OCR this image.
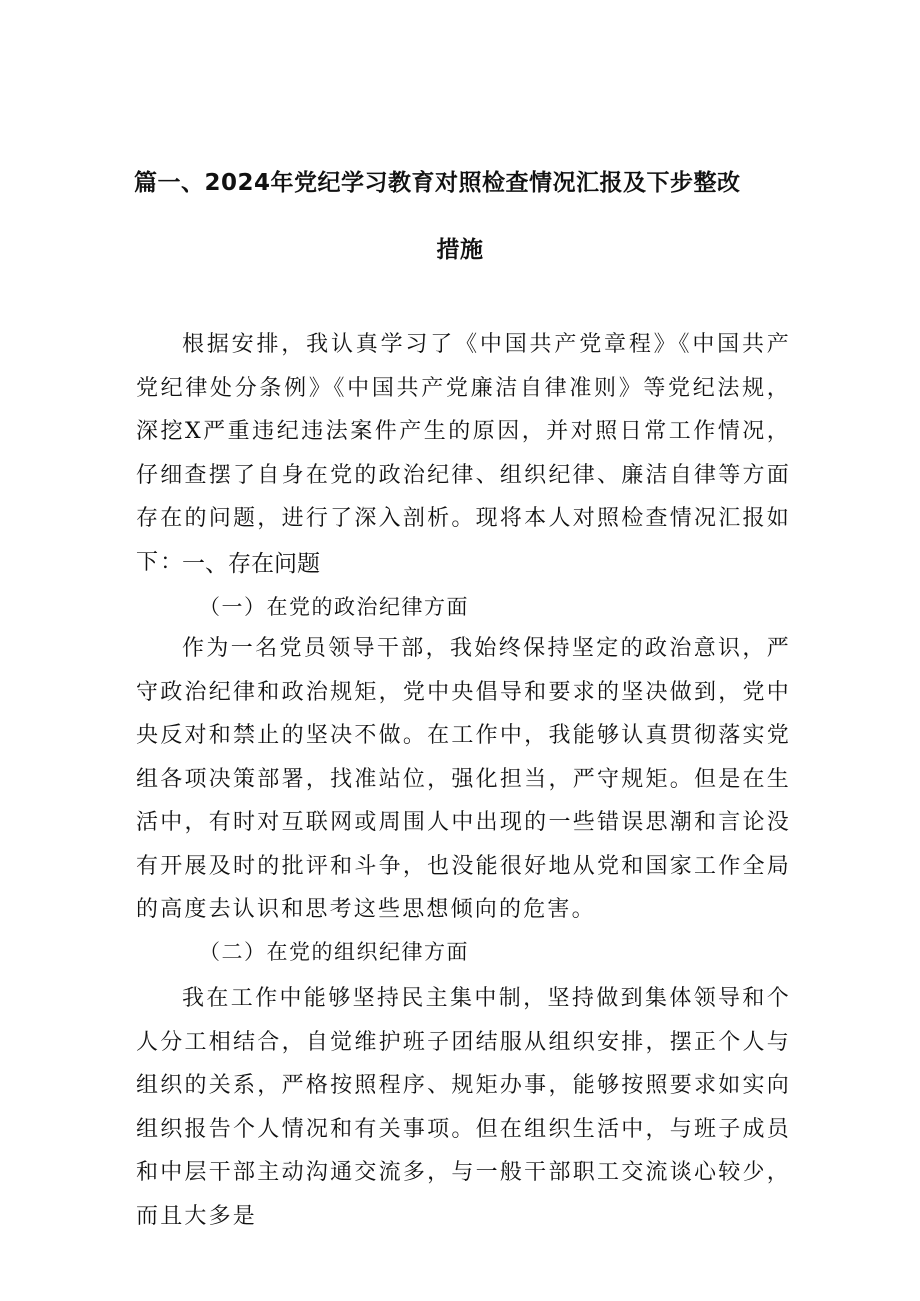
篇一、2024年党纪学习教育对照检查情况汇报及下步整改
措施
根据安排，我认真学习了《中国共产党章程》《中国共产党纪律处分条例》《中国共产党廉洁自律准则》等党纪法规，深挖X严重违纪违法案件产生的原因，并对照日常工作情况，仔细查摆了自身在党的政治纪律、组织纪律、廉洁自律等方面存在的问题，进行了深入剖析。现将本人对照检查情况汇报如下：
一、存在问题
（一）在党的政治纪律方面
作为一名党员领导干部，我始终保持坚定的政治意识，严守政治纪律和政治规矩，党中央倡导和要求的坚决做到，党中央反对和禁止的坚决不做。在工作中，我能够认真贯彻落实党组各项决策部署，找准站位，强化担当，严守规矩。但是在生活中，有时对互联网或周围人中出现的一些错误思潮和言论没有开展及时的批评和斗争，也没能很好地从党和国家工作全局的高度去认识和思考这些思想倾向的危害。
（二）在党的组织纪律方面
我在工作中能够坚持民主集中制，坚持做到集体领导和个人分工相结合，自觉维护班子团结服从组织安排，摆正个人与组织的关系，严格按照程序、规矩办事，能够按照要求如实向组织报告个人情况和有关事项。但在组织生活中，与班子成员和中层干部主动沟通交流多，与一般干部职工交流谈心较少，而且大多是
